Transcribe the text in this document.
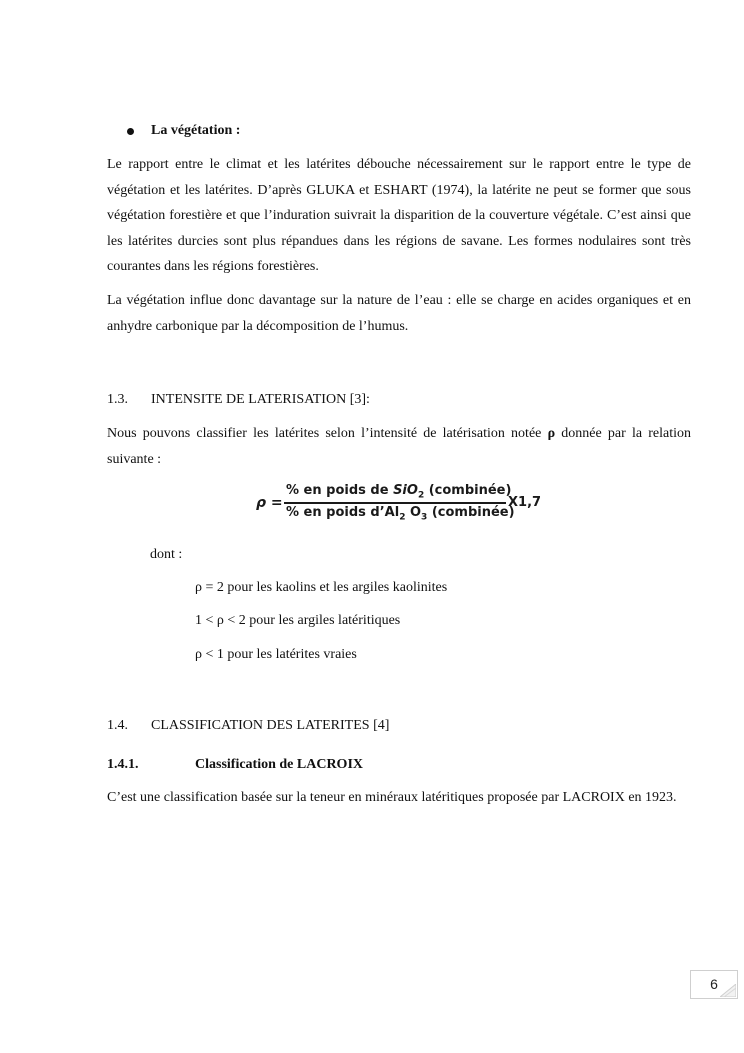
La végétation :

Le rapport entre le climat et les latérites débouche nécessairement sur le rapport entre le type de végétation et les latérites. D’après GLUKA et ESHART (1974), la latérite ne peut se former que sous végétation forestière et que l’induration suivrait la disparition de la couverture végétale. C’est ainsi que les latérites durcies sont plus répandues dans les régions de savane. Les formes nodulaires sont très courantes dans les régions forestières.

La végétation influe donc davantage sur la nature de l’eau : elle se charge en acides organiques et en anhydre carbonique par la décomposition de l’humus.

1.3. INTENSITE DE LATERISATION [3]:

Nous pouvons classifier les latérites selon l’intensité de latérisation notée ρ donnée par la relation suivante :

ρ =
% en poids de SiO$_2$ (combinée)
% en poids $d’Al_2$ $O_3$ (combinée)
X1,7
dont :
ρ = 2 pour les kaolins et les argiles kaolinites
1 < ρ < 2 pour les argiles latéritiques
ρ < 1 pour les latérites vraies
1.4. CLASSIFICATION DES LATERITES [4]
1.4.1.	Classification de LACROIX

C’est une classification basée sur la teneur en minéraux latéritiques proposée par LACROIX en 1923.

6
